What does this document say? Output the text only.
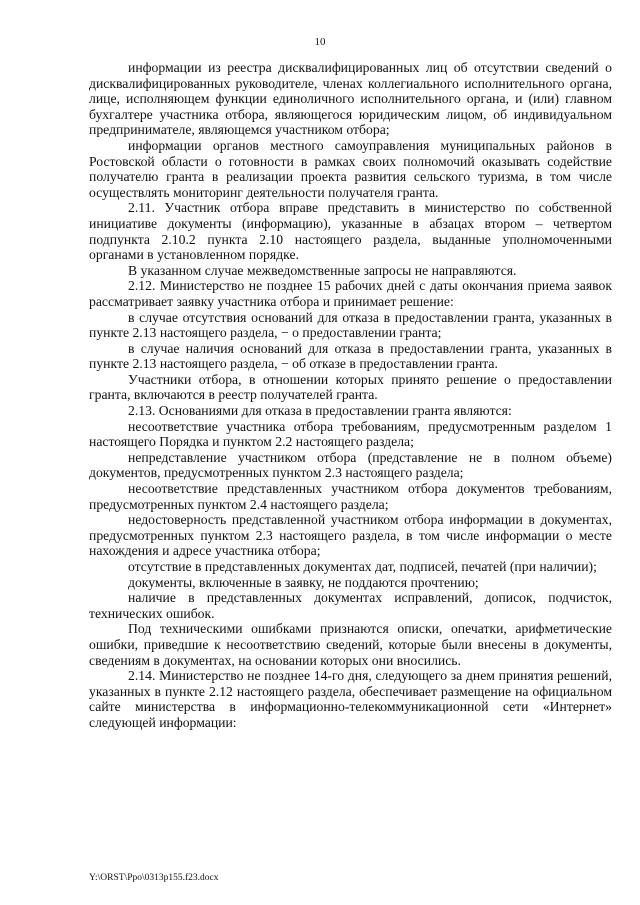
10

информации из реестра дисквалифицированных лиц об отсутствии сведений о дисквалифицированных руководителе, членах коллегиального исполнительного органа, лице, исполняющем функции единоличного исполнительного органа, и (или) главном бухгалтере участника отбора, являющегося юридическим лицом, об индивидуальном предпринимателе, являющемся участником отбора;

информации органов местного самоуправления муниципальных районов в Ростовской области о готовности в рамках своих полномочий оказывать содействие получателю гранта в реализации проекта развития сельского туризма, в том числе осуществлять мониторинг деятельности получателя гранта.

2.11. Участник отбора вправе представить в министерство по собственной инициативе документы (информацию), указанные в абзацах втором – четвертом подпункта 2.10.2 пункта 2.10 настоящего раздела, выданные уполномоченными органами в установленном порядке.

В указанном случае межведомственные запросы не направляются.

2.12. Министерство не позднее 15 рабочих дней с даты окончания приема заявок рассматривает заявку участника отбора и принимает решение:

в случае отсутствия оснований для отказа в предоставлении гранта, указанных в пункте 2.13 настоящего раздела, − о предоставлении гранта;

в случае наличия оснований для отказа в предоставлении гранта, указанных в пункте 2.13 настоящего раздела, − об отказе в предоставлении гранта.

Участники отбора, в отношении которых принято решение о предоставлении гранта, включаются в реестр получателей гранта.

2.13. Основаниями для отказа в предоставлении гранта являются:

несоответствие участника отбора требованиям, предусмотренным разделом 1 настоящего Порядка и пунктом 2.2 настоящего раздела;

непредставление участником отбора (представление не в полном объеме) документов, предусмотренных пунктом 2.3 настоящего раздела;

несоответствие представленных участником отбора документов требованиям, предусмотренных пунктом 2.4 настоящего раздела;

недостоверность представленной участником отбора информации в документах, предусмотренных пунктом 2.3 настоящего раздела, в том числе информации о месте нахождения и адресе участника отбора;

отсутствие в представленных документах дат, подписей, печатей (при наличии);

документы, включенные в заявку, не поддаются прочтению;

наличие в представленных документах исправлений, дописок, подчисток, технических ошибок.

Под техническими ошибками признаются описки, опечатки, арифметические ошибки, приведшие к несоответствию сведений, которые были внесены в документы, сведениям в документах, на основании которых они вносились.

2.14. Министерство не позднее 14-го дня, следующего за днем принятия решений, указанных в пункте 2.12 настоящего раздела, обеспечивает размещение на официальном сайте министерства в информационно-телекоммуникационной сети «Интернет» следующей информации:

Y:\ORST\Ppo\0313p155.f23.docx
